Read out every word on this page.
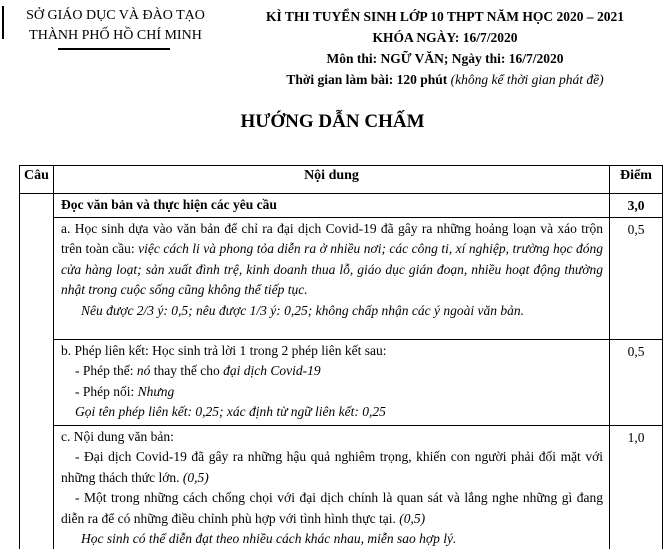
SỞ GIÁO DỤC VÀ ĐÀO TẠO
THÀNH PHỐ HỒ CHÍ MINH
KÌ THI TUYỂN SINH LỚP 10 THPT NĂM HỌC 2020 – 2021
KHÓA NGÀY: 16/7/2020
Môn thi: NGỮ VĂN; Ngày thi: 16/7/2020
Thời gian làm bài: 120 phút (không kể thời gian phát đề)
HƯỚNG DẪN CHẤM
Câu	Nội dung	Điểm
	Đọc văn bản và thực hiện các yêu cầu	3,0

	a. Học sinh dựa vào văn bản để chỉ ra đại dịch Covid-19 đã gây ra những hoảng loạn và xáo trộn trên toàn cầu: việc cách li và phong tỏa diễn ra ở nhiều nơi; các công ti, xí nghiệp, trường học đóng cửa hàng loạt; sản xuất đình trệ, kinh doanh thua lỗ, giáo dục gián đoạn, nhiều hoạt động thường nhật trong cuộc sống cũng không thể tiếp tục.
Nêu được 2/3 ý: 0,5; nêu được 1/3 ý: 0,25; không chấp nhận các ý ngoài văn bản.	0,5

	b. Phép liên kết: Học sinh trả lời 1 trong 2 phép liên kết sau:
- Phép thế: nó thay thế cho đại dịch Covid-19
- Phép nối: Nhưng
Gọi tên phép liên kết: 0,25; xác định từ ngữ liên kết: 0,25	0,5

	c. Nội dung văn bản:
- Đại dịch Covid-19 đã gây ra những hậu quả nghiêm trọng, khiến con người phải đối mặt với những thách thức lớn. (0,5)
- Một trong những cách chống chọi với đại dịch chính là quan sát và lắng nghe những gì đang diễn ra để có những điều chỉnh phù hợp với tình hình thực tại. (0,5)
Học sinh có thể diễn đạt theo nhiều cách khác nhau, miễn sao hợp lý.	1,0
